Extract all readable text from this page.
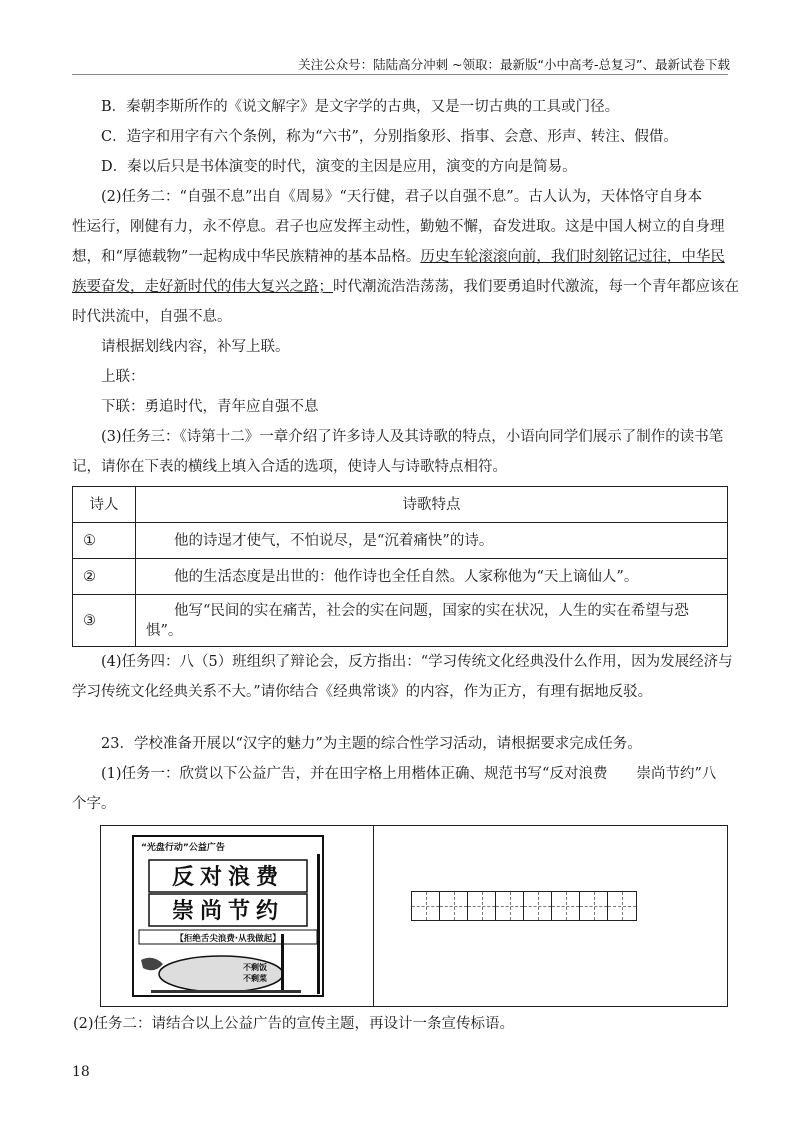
关注公众号：陆陆高分冲刺 ~领取：最新版“小中高考-总复习”、最新试卷下载

B．秦朝李斯所作的《说文解字》是文字学的古典，又是一切古典的工具或门径。

C．造字和用字有六个条例，称为“六书”，分别指象形、指事、会意、形声、转注、假借。

D．秦以后只是书体演变的时代，演变的主因是应用，演变的方向是简易。

(2)任务二：“自强不息”出自《周易》“天行健，君子以自强不息”。古人认为，天体恪守自身本

性运行，刚健有力，永不停息。君子也应发挥主动性，勤勉不懈，奋发进取。这是中国人树立的自身理

想，和“厚德载物”一起构成中华民族精神的基本品格。历史车轮滚滚向前，我们时刻铭记过往，中华民

族要奋发，走好新时代的伟大复兴之路；时代潮流浩浩荡荡，我们要勇追时代激流，每一个青年都应该在

时代洪流中，自强不息。

请根据划线内容，补写上联。

上联：

下联：勇追时代，青年应自强不息

(3)任务三：《诗第十二》一章介绍了许多诗人及其诗歌的特点，小语向同学们展示了制作的读书笔

记，请你在下表的横线上填入合适的选项，使诗人与诗歌特点相符。

诗人	诗歌特点
①	他的诗逞才使气，不怕说尽，是“沉着痛快”的诗。
②	他的生活态度是出世的：他作诗也全任自然。人家称他为“天上谪仙人”。
③	他写“民间的实在痛苦，社会的实在问题，国家的实在状况，人生的实在希望与恐
惧”。

(4)任务四：八（5）班组织了辩论会，反方指出：“学习传统文化经典没什么作用，因为发展经济与

学习传统文化经典关系不大。”请你结合《经典常谈》的内容，作为正方，有理有据地反驳。

23．学校准备开展以“汉字的魅力”为主题的综合性学习活动，请根据要求完成任务。

(1)任务一：欣赏以下公益广告，并在田字格上用楷体正确、规范书写“反对浪费　　崇尚节约”八

个字。

“光盘行动”公益广告
反对浪费
崇尚节约
【拒绝舌尖浪费·从我做起】
不剩饭
不剩菜

(2)任务二：请结合以上公益广告的宣传主题，再设计一条宣传标语。

18
